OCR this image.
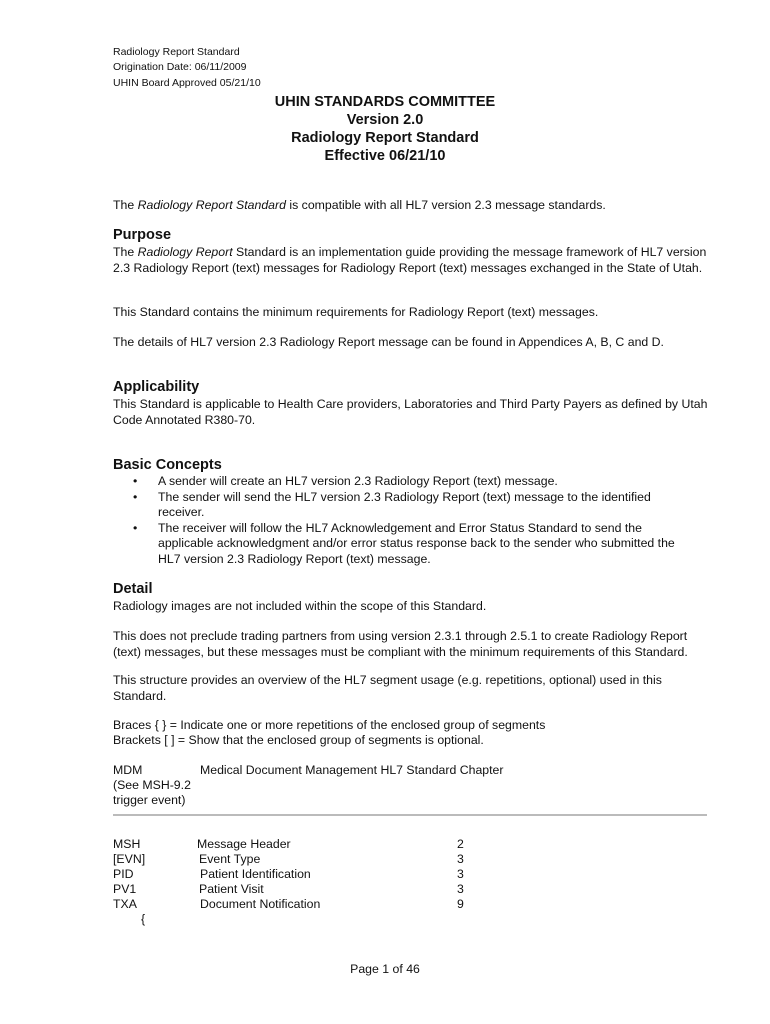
Radiology Report Standard
Origination Date: 06/11/2009
UHIN Board Approved 05/21/10
UHIN STANDARDS COMMITTEE
Version 2.0
Radiology Report Standard
Effective 06/21/10
The Radiology Report Standard is compatible with all HL7 version 2.3 message standards.
Purpose
The Radiology Report Standard is an implementation guide providing the message framework of HL7 version 2.3 Radiology Report (text) messages for Radiology Report (text) messages exchanged in the State of Utah.
This Standard contains the minimum requirements for Radiology Report (text) messages.
The details of HL7 version 2.3 Radiology Report message can be found in Appendices A, B, C and D.
Applicability
This Standard is applicable to Health Care providers, Laboratories and Third Party Payers as defined by Utah Code Annotated R380-70.
Basic Concepts
• A sender will create an HL7 version 2.3 Radiology Report (text) message.
• The sender will send the HL7 version 2.3 Radiology Report (text) message to the identified receiver.
• The receiver will follow the HL7 Acknowledgement and Error Status Standard to send the applicable acknowledgment and/or error status response back to the sender who submitted the HL7 version 2.3 Radiology Report (text) message.
Detail
Radiology images are not included within the scope of this Standard.
This does not preclude trading partners from using version 2.3.1 through 2.5.1 to create Radiology Report (text) messages, but these messages must be compliant with the minimum requirements of this Standard.
This structure provides an overview of the HL7 segment usage (e.g. repetitions, optional) used in this Standard.
Braces { } = Indicate one or more repetitions of the enclosed group of segments
Brackets [ ] = Show that the enclosed group of segments is optional.
MDM	Medical Document Management HL7 Standard Chapter
(See MSH-9.2
trigger event)
MSH	Message Header	2
[EVN]	Event Type	3
PID	Patient Identification	3
PV1	Patient Visit	3
TXA	Document Notification	9
{
Page 1 of 46
